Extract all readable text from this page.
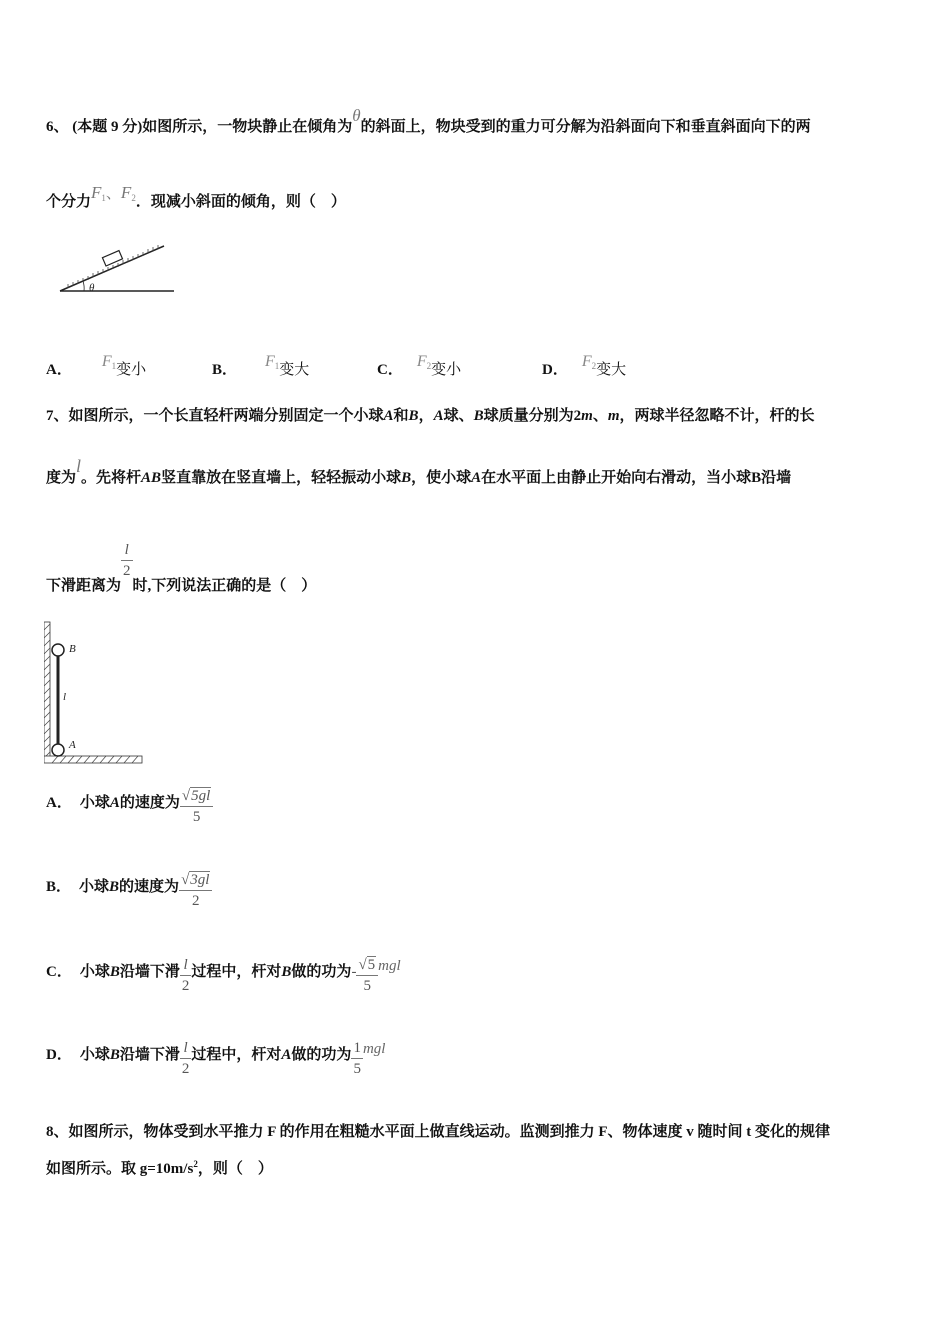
6、 (本题 9 分)如图所示，一物块静止在倾角为θ的斜面上，物块受到的重力可分解为沿斜面向下和垂直斜面向下的两
个分力$F_1$、$F_2$．现减小斜面的倾角，则（　）
θ
A． $F_1$变小	B． $F_1$变大	C． $F_2$变小	D． $F_2$变大
7、如图所示，一个长直轻杆两端分别固定一个小球A和B，A球、B球质量分别为2m、m，两球半径忽略不计，杆的长
度为l。先将杆AB竖直靠放在竖直墙上，轻轻振动小球B，使小球A在水平面上由静止开始向右滑动，当小球B沿墙
下滑距离为
$\frac{l}{2}$
时,下列说法正确的是（　）
B
l
A
A． 小球A的速度为 $\frac{√5gl}{5}$
B． 小球B的速度为 $\frac{√3gl}{2}$
C． 小球B沿墙下滑 $\frac{l}{2}$ 过程中，杆对B做的功为- $\frac{√5}{5}$ mgl
D． 小球B沿墙下滑 $\frac{l}{2}$ 过程中，杆对A做的功为 $\frac{1}{5}$ mgl
8、如图所示，物体受到水平推力 F 的作用在粗糙水平面上做直线运动。监测到推力 F、物体速度 v 随时间 t 变化的规律
如图所示。取 $g=10m/s^2$，则（　）
